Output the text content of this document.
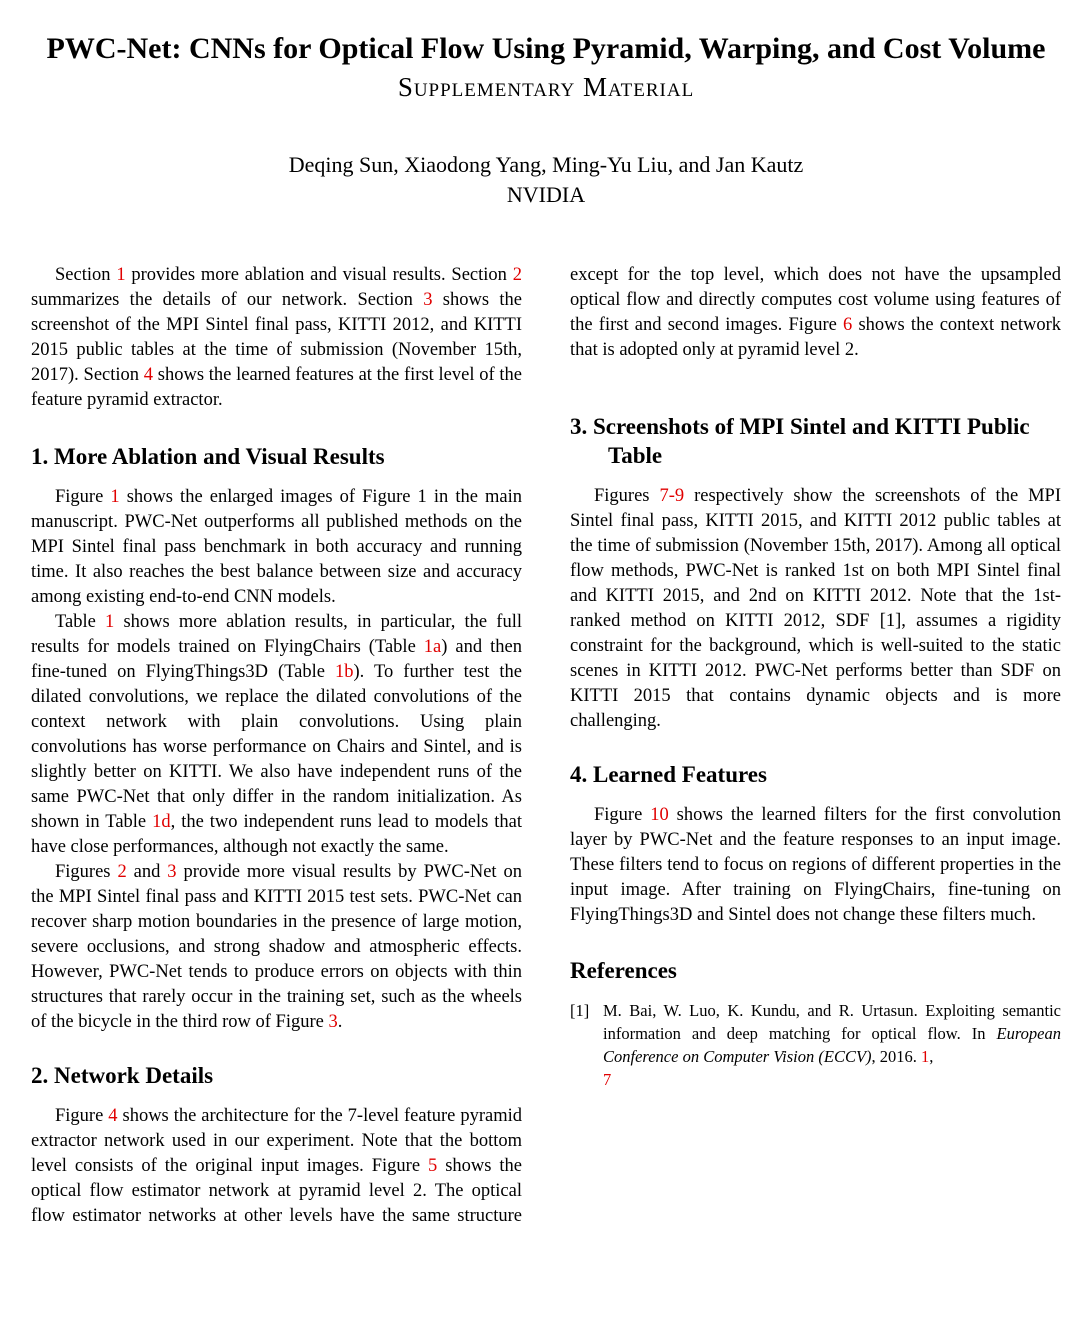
PWC-Net: CNNs for Optical Flow Using Pyramid, Warping, and Cost Volume
Supplementary Material
Deqing Sun, Xiaodong Yang, Ming-Yu Liu, and Jan Kautz
NVIDIA

Section 1 provides more ablation and visual results. Section 2 summarizes the details of our network. Section 3 shows the screenshot of the MPI Sintel final pass, KITTI 2012, and KITTI 2015 public tables at the time of submission (November 15th, 2017). Section 4 shows the learned features at the first level of the feature pyramid extractor.

1. More Ablation and Visual Results

Figure 1 shows the enlarged images of Figure 1 in the main manuscript. PWC-Net outperforms all published methods on the MPI Sintel final pass benchmark in both accuracy and running time. It also reaches the best balance between size and accuracy among existing end-to-end CNN models.

Table 1 shows more ablation results, in particular, the full results for models trained on FlyingChairs (Table 1a) and then fine-tuned on FlyingThings3D (Table 1b). To further test the dilated convolutions, we replace the dilated convolutions of the context network with plain convolutions. Using plain convolutions has worse performance on Chairs and Sintel, and is slightly better on KITTI. We also have independent runs of the same PWC-Net that only differ in the random initialization. As shown in Table 1d, the two independent runs lead to models that have close performances, although not exactly the same.

Figures 2 and 3 provide more visual results by PWC-Net on the MPI Sintel final pass and KITTI 2015 test sets. PWC-Net can recover sharp motion boundaries in the presence of large motion, severe occlusions, and strong shadow and atmospheric effects. However, PWC-Net tends to produce errors on objects with thin structures that rarely occur in the training set, such as the wheels of the bicycle in the third row of Figure 3.

2. Network Details

Figure 4 shows the architecture for the 7-level feature pyramid extractor network used in our experiment. Note that the bottom level consists of the original input images. Figure 5 shows the optical flow estimator network at pyramid level 2. The optical flow estimator networks at other levels have the same structure

except for the top level, which does not have the upsampled optical flow and directly computes cost volume using features of the first and second images. Figure 6 shows the context network that is adopted only at pyramid level 2.

3. Screenshots of MPI Sintel and KITTI Public Table

Figures 7-9 respectively show the screenshots of the MPI Sintel final pass, KITTI 2015, and KITTI 2012 public tables at the time of submission (November 15th, 2017). Among all optical flow methods, PWC-Net is ranked 1st on both MPI Sintel final and KITTI 2015, and 2nd on KITTI 2012. Note that the 1st-ranked method on KITTI 2012, SDF [1], assumes a rigidity constraint for the background, which is well-suited to the static scenes in KITTI 2012. PWC-Net performs better than SDF on KITTI 2015 that contains dynamic objects and is more challenging.

4. Learned Features

Figure 10 shows the learned filters for the first convolution layer by PWC-Net and the feature responses to an input image. These filters tend to focus on regions of different properties in the input image. After training on FlyingChairs, fine-tuning on FlyingThings3D and Sintel does not change these filters much.

References
[1] M. Bai, W. Luo, K. Kundu, and R. Urtasun. Exploiting semantic information and deep matching for optical flow. In European Conference on Computer Vision (ECCV), 2016. 1,
7
